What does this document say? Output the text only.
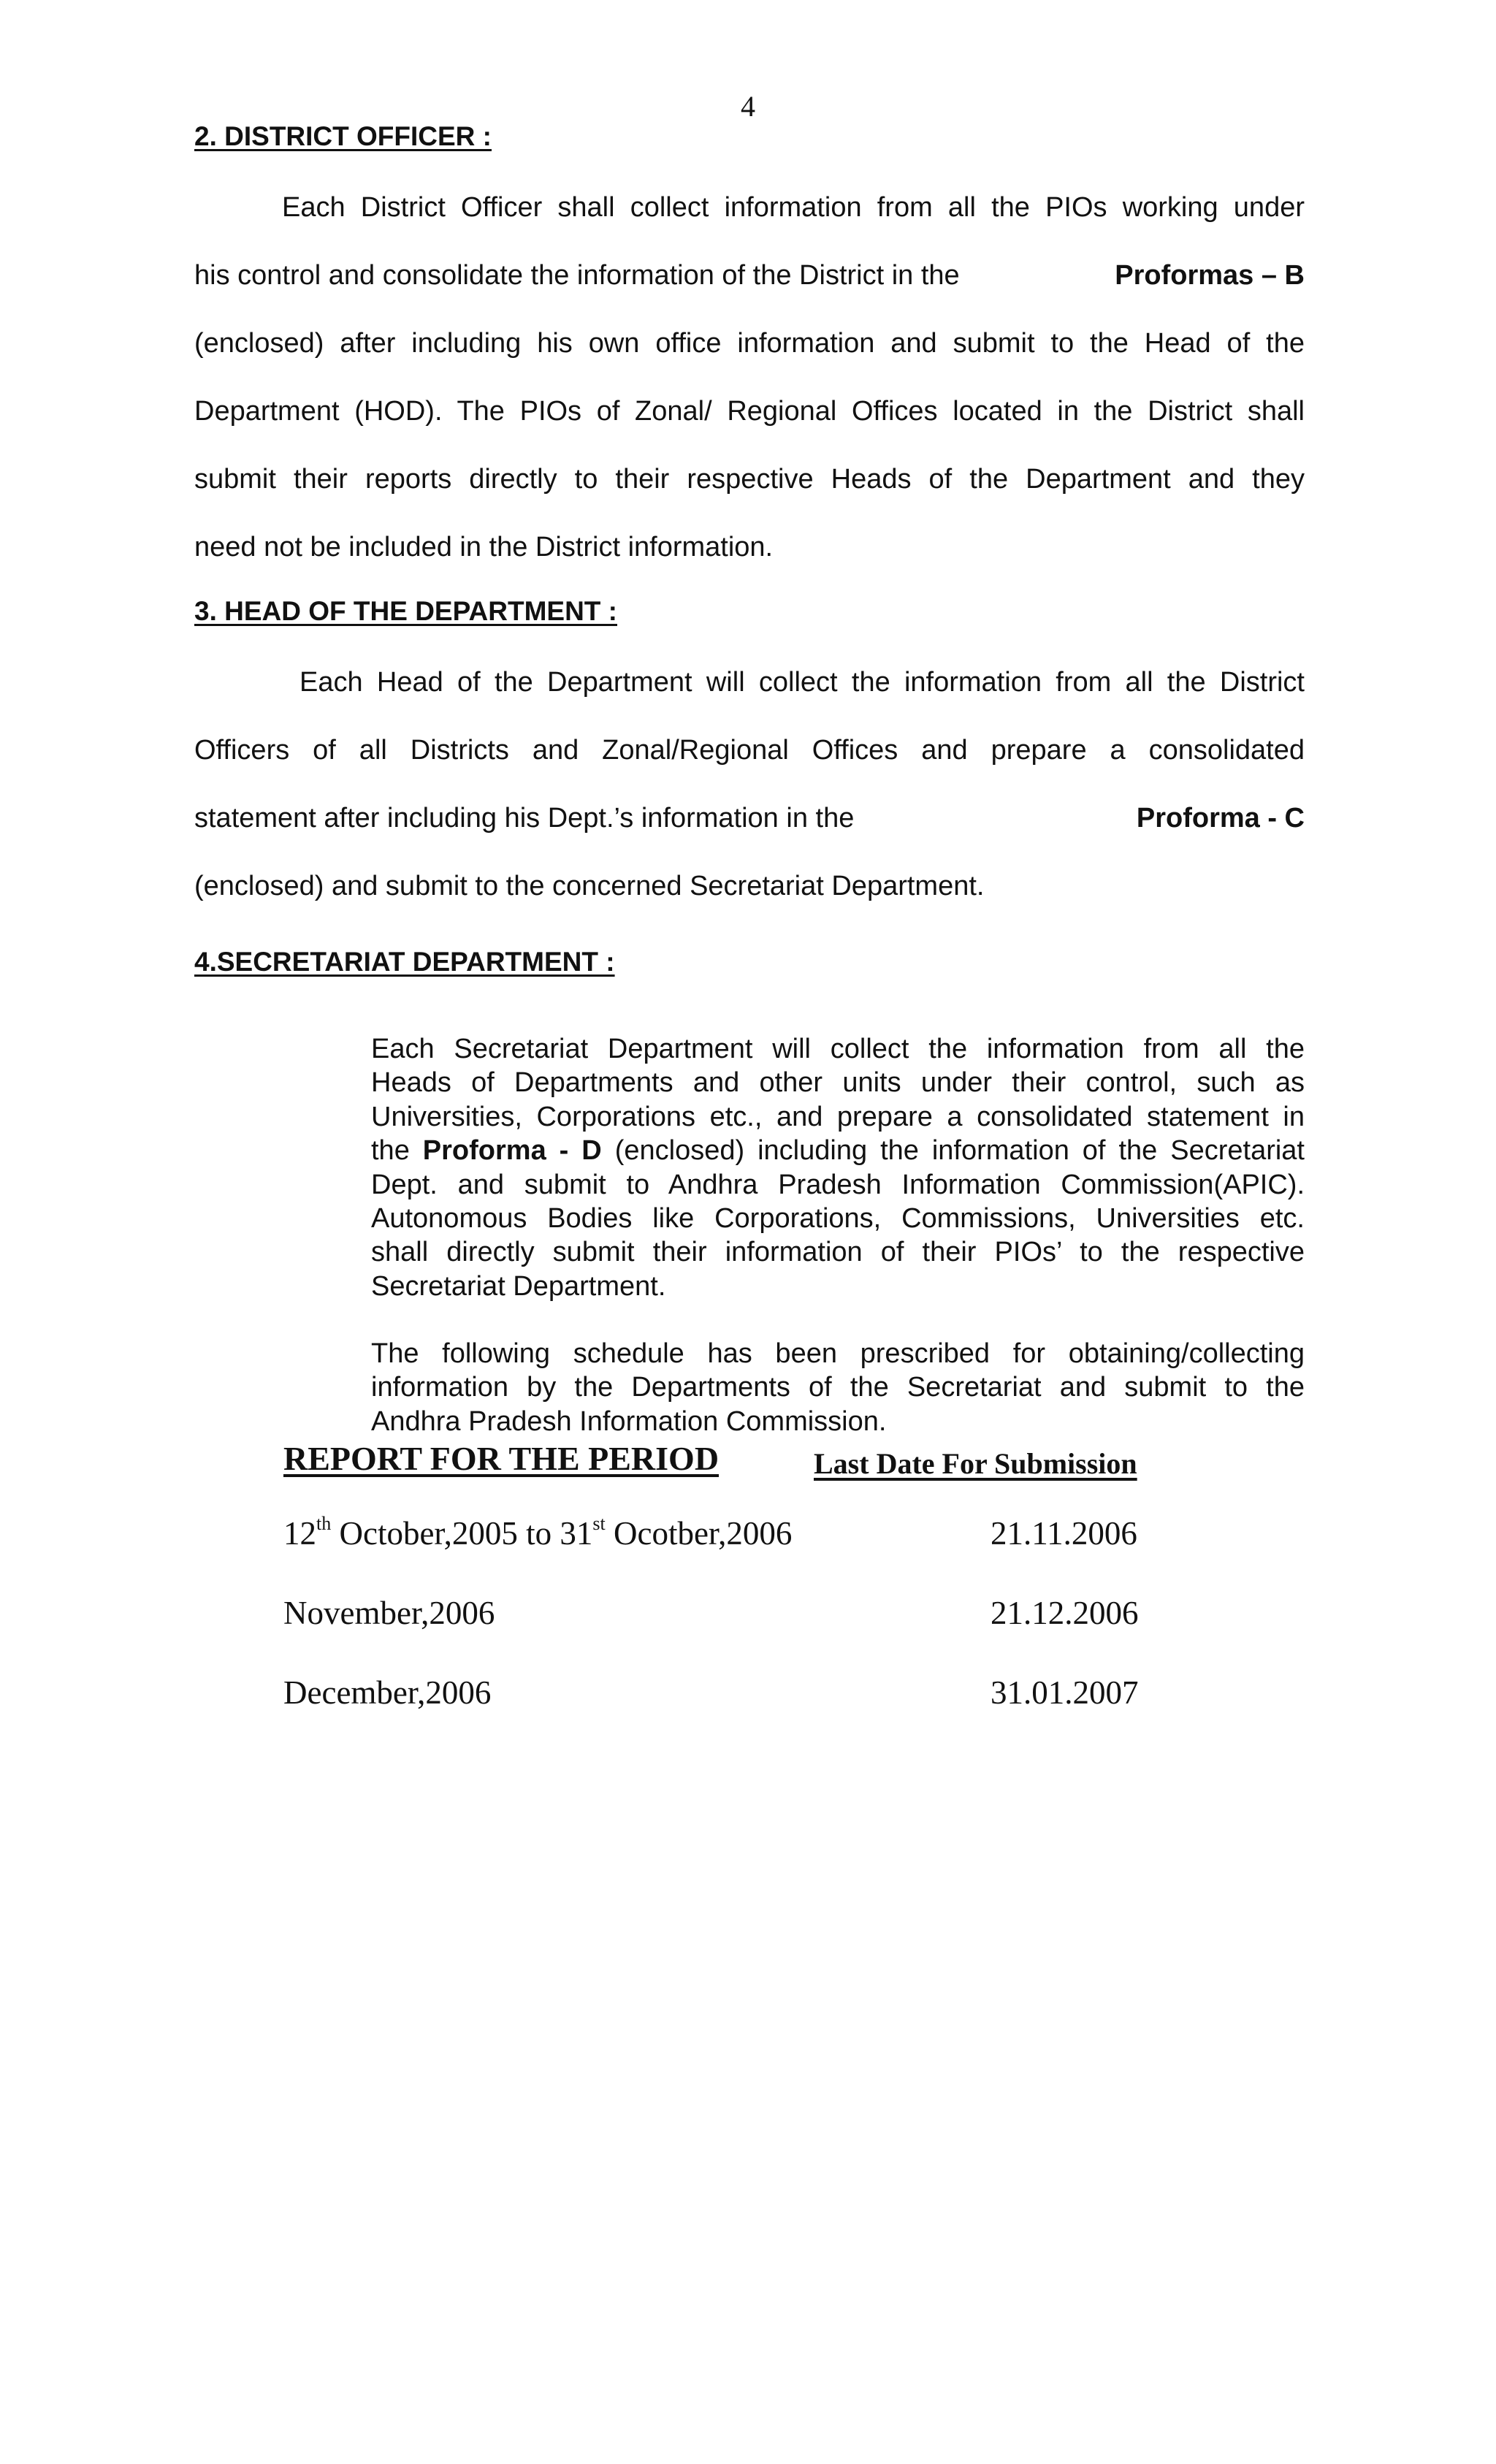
4
2. DISTRICT OFFICER :
Each District Officer shall collect information from all the PIOs working under
his control and consolidate the information of the District in the	Proformas – B
(enclosed) after including his own office information and submit to the Head of the
Department (HOD). The PIOs of Zonal/ Regional Offices located in the District shall
submit their reports directly to their respective Heads of the Department and they
need not be included in the District information.
3. HEAD OF THE DEPARTMENT :
Each Head of the Department will collect the information from all the District
Officers of all Districts and Zonal/Regional Offices and prepare a consolidated
statement after including his Dept.’s information in the	Proforma - C
(enclosed) and submit to the concerned Secretariat Department.
4.SECRETARIAT DEPARTMENT :
Each Secretariat Department will collect the information from all the
Heads of Departments and other units under their control, such as
Universities, Corporations etc., and prepare a consolidated statement in
the Proforma - D (enclosed) including the information of the Secretariat
Dept. and submit to Andhra Pradesh Information Commission(APIC).
Autonomous Bodies like Corporations, Commissions, Universities etc.
shall directly submit their information of their PIOs’ to the respective
Secretariat Department.
The following schedule has been prescribed for obtaining/collecting
information by the Departments of the Secretariat and submit to the
Andhra Pradesh Information Commission.
REPORT FOR THE PERIOD	Last Date For Submission
12th October,2005 to 31st Ocotber,2006	21.11.2006
November,2006	21.12.2006
December,2006	31.01.2007
